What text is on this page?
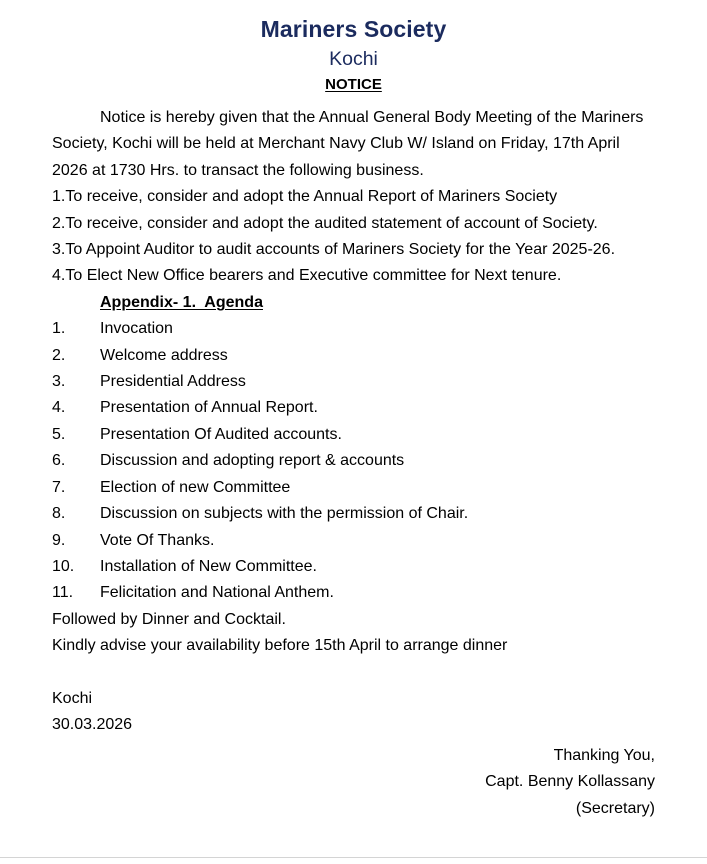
Mariners Society
Kochi
NOTICE

Notice is hereby given that the Annual General Body Meeting of the Mariners Society, Kochi will be held at Merchant Navy Club W/ Island on Friday, 17th April 2026 at 1730 Hrs. to transact the following business.

1.To receive, consider and adopt the Annual Report of Mariners Society

2.To receive, consider and adopt the audited statement of account of Society.

3.To Appoint Auditor to audit accounts of Mariners Society for the Year 2025-26.

4.To Elect New Office bearers and Executive committee for Next tenure.

Appendix- 1.  Agenda

1.	Invocation
2.	Welcome address
3.	Presidential Address
4.	Presentation of Annual Report.
5.	Presentation Of Audited accounts.
6.	Discussion and adopting report & accounts
7.	Election of new Committee
8.	Discussion on subjects with the permission of Chair.
9.	Vote Of Thanks.
10.	Installation of New Committee.
11.	Felicitation and National Anthem.

Followed by Dinner and Cocktail.

Kindly advise your availability before 15th April to arrange dinner

Kochi

30.03.2026

Thanking You,

Capt. Benny Kollassany

(Secretary)
